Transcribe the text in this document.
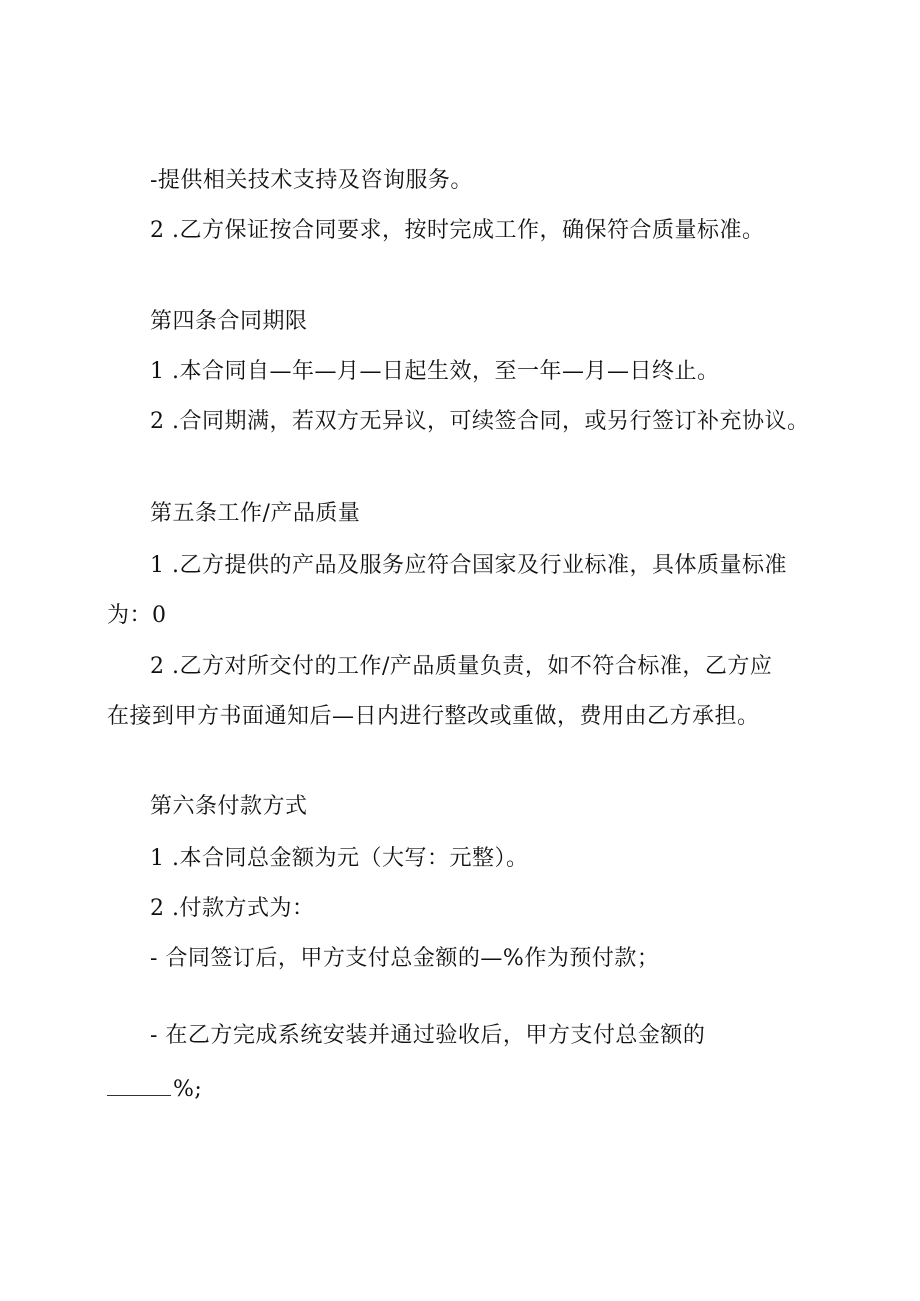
-提供相关技术支持及咨询服务。
2 .乙方保证按合同要求，按时完成工作，确保符合质量标准。
第四条合同期限
1 .本合同自—年—月—日起生效，至一年—月—日终止。
2 .合同期满，若双方无异议，可续签合同，或另行签订补充协议。
第五条工作/产品质量
1 .乙方提供的产品及服务应符合国家及行业标准，具体质量标准
为：0
2 .乙方对所交付的工作/产品质量负责，如不符合标准，乙方应
在接到甲方书面通知后—日内进行整改或重做，费用由乙方承担。
第六条付款方式
1 .本合同总金额为元（大写：元整）。
2 .付款方式为：
- 合同签订后，甲方支付总金额的—%作为预付款；
- 在乙方完成系统安装并通过验收后，甲方支付总金额的
%;
